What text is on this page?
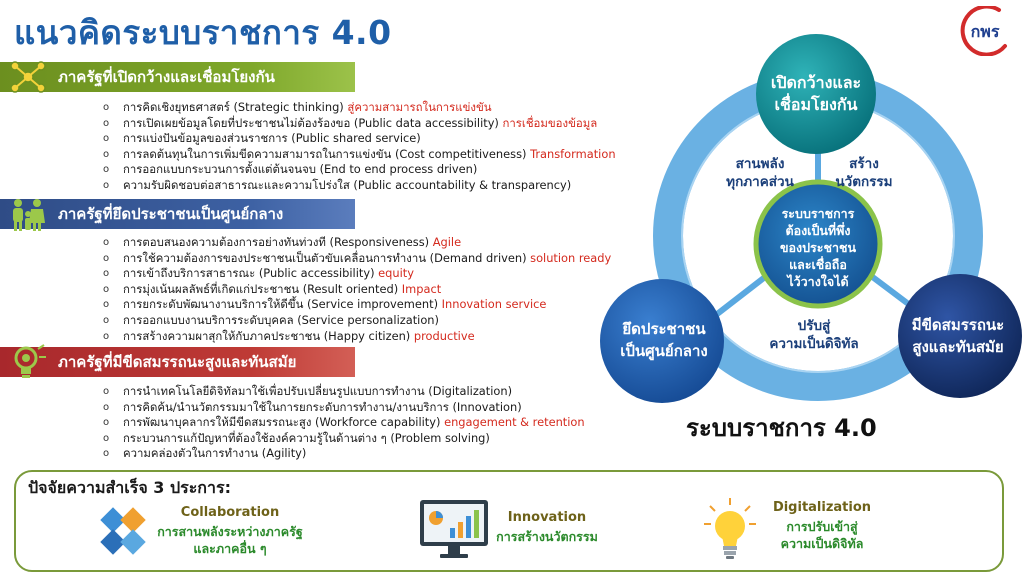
แนวคิดระบบราชการ 4.0	กพร
ภาครัฐที่เปิดกว้างและเชื่อมโยงกัน
o การคิดเชิงยุทธศาสตร์ (Strategic thinking) สู่ความสามารถในการแข่งขัน
o การเปิดเผยข้อมูลโดยที่ประชาชนไม่ต้องร้องขอ (Public data accessibility) การเชื่อมของข้อมูล
o การแบ่งปันข้อมูลของส่วนราชการ (Public shared service)
o การลดต้นทุนในการเพิ่มขีดความสามารถในการแข่งขัน (Cost competitiveness) Transformation
o การออกแบบกระบวนการตั้งแต่ต้นจนจบ (End to end process driven)
o ความรับผิดชอบต่อสาธารณะและความโปร่งใส (Public accountability & transparency)
ภาครัฐที่ยึดประชาชนเป็นศูนย์กลาง
o การตอบสนองความต้องการอย่างทันท่วงที (Responsiveness) Agile
o การใช้ความต้องการของประชาชนเป็นตัวขับเคลื่อนการทำงาน (Demand driven) solution ready
o การเข้าถึงบริการสาธารณะ (Public accessibility) equity
o การมุ่งเน้นผลลัพธ์ที่เกิดแก่ประชาชน (Result oriented) Impact
o การยกระดับพัฒนางานบริการให้ดีขึ้น (Service improvement) Innovation service
o การออกแบบงานบริการระดับบุคคล (Service personalization)
o การสร้างความผาสุกให้กับภาคประชาชน (Happy citizen) productive
ภาครัฐที่มีขีดสมรรถนะสูงและทันสมัย
o การนำเทคโนโลยีดิจิทัลมาใช้เพื่อปรับเปลี่ยนรูปแบบการทำงาน (Digitalization)
o การคิดค้น/นำนวัตกรรมมาใช้ในการยกระดับการทำงาน/งานบริการ (Innovation)
o การพัฒนาบุคลากรให้มีขีดสมรรถนะสูง (Workforce capability) engagement & retention
o กระบวนการแก้ปัญหาที่ต้องใช้องค์ความรู้ในด้านต่าง ๆ (Problem solving)
o ความคล่องตัวในการทำงาน (Agility)
เปิดกว้างและ
เชื่อมโยงกัน
ยึดประชาชน
เป็นศูนย์กลาง
มีขีดสมรรถนะ
สูงและทันสมัย
ระบบราชการ
ต้องเป็นที่พึ่ง
ของประชาชน
และเชื่อถือ
ไว้วางใจได้
สานพลัง
ทุกภาคส่วน
สร้าง
นวัตกรรม
ปรับสู่
ความเป็นดิจิทัล
ระบบราชการ 4.0
ปัจจัยความสำเร็จ 3 ประการ:
Collaboration
การสานพลังระหว่างภาครัฐ
และภาคอื่น ๆ
Innovation
การสร้างนวัตกรรม
Digitalization
การปรับเข้าสู่
ความเป็นดิจิทัล
